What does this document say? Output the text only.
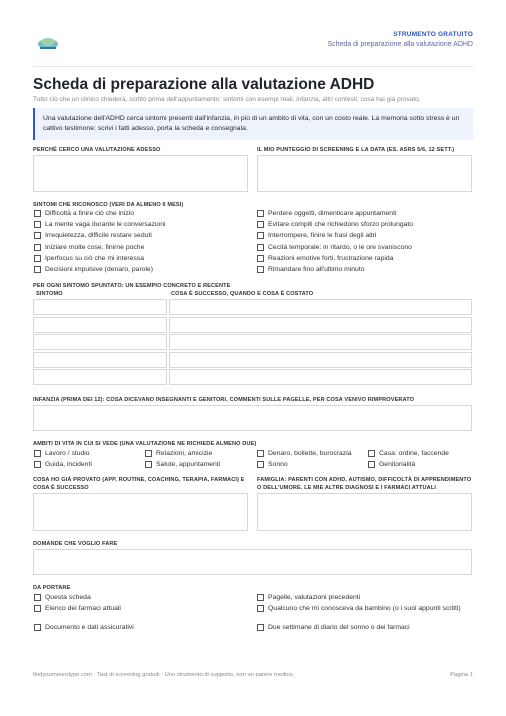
STRUMENTO GRATUITO
Scheda di preparazione alla valutazione ADHD
Scheda di preparazione alla valutazione ADHD
Tutto ciò che un clinico chiederà, scritto prima dell'appuntamento: sintomi con esempi reali, infanzia, altri contesti, cosa hai già provato.
Una valutazione dell'ADHD cerca sintomi presenti dall'infanzia, in più di un ambito di vita, con un costo reale. La memoria sotto stress è un cattivo testimone: scrivi i fatti adesso, porta la scheda e consegnala.
PERCHÉ CERCO UNA VALUTAZIONE ADESSO	IL MIO PUNTEGGIO DI SCREENING E LA DATA (ES. ASRS 5/6, 12 SETT.)
SINTOMI CHE RICONOSCO (VERI DA ALMENO 6 MESI)
PER OGNI SINTOMO SPUNTATO: UN ESEMPIO CONCRETO E RECENTE
SINTOMO	COSA È SUCCESSO, QUANDO E COSA È COSTATO
INFANZIA (PRIMA DEI 12): COSA DICEVANO INSEGNANTI E GENITORI, COMMENTI SULLE PAGELLE, PER COSA VENIVO RIMPROVERATO
AMBITI DI VITA IN CUI SI VEDE (UNA VALUTAZIONE NE RICHIEDE ALMENO DUE)
COSA HO GIÀ PROVATO (APP, ROUTINE, COACHING, TERAPIA, FARMACI) E COSA È SUCCESSO
FAMIGLIA: PARENTI CON ADHD, AUTISMO, DIFFICOLTÀ DI APPRENDIMENTO O DELL'UMORE. LE MIE ALTRE DIAGNOSI E I FARMACI ATTUALI
DOMANDE CHE VOGLIO FARE
DA PORTARE
findyourneurotype.com · Test di screening gratuiti · Uno strumento di supporto, non un parere medico.	Pagina 1
Difficoltà a finire ciò che inizio
La mente vaga durante le conversazioni
Irrequietezza, difficile restare seduti
Iniziare molte cose, finirne poche
Iperfocus su ciò che mi interessa
Decisioni impulsive (denaro, parole)
Perdere oggetti, dimenticare appuntamenti
Evitare compiti che richiedono sforzo prolungato
Interrompere, finire le frasi degli altri
Cecità temporale: in ritardo, o le ore svaniscono
Reazioni emotive forti, frustrazione rapida
Rimandare fino all'ultimo minuto
Lavoro / studio	Relazioni, amicizie	Denaro, bollette, burocrazia	Casa: ordine, faccende
Guida, incidenti	Salute, appuntamenti	Sonno	Genitorialità
Questa scheda
Elenco dei farmaci attuali
Documento e dati assicurativi
Pagelle, valutazioni precedenti
Qualcuno che mi conosceva da bambino (o i suoi appunti scritti)
Due settimane di diario del sonno o dei farmaci
